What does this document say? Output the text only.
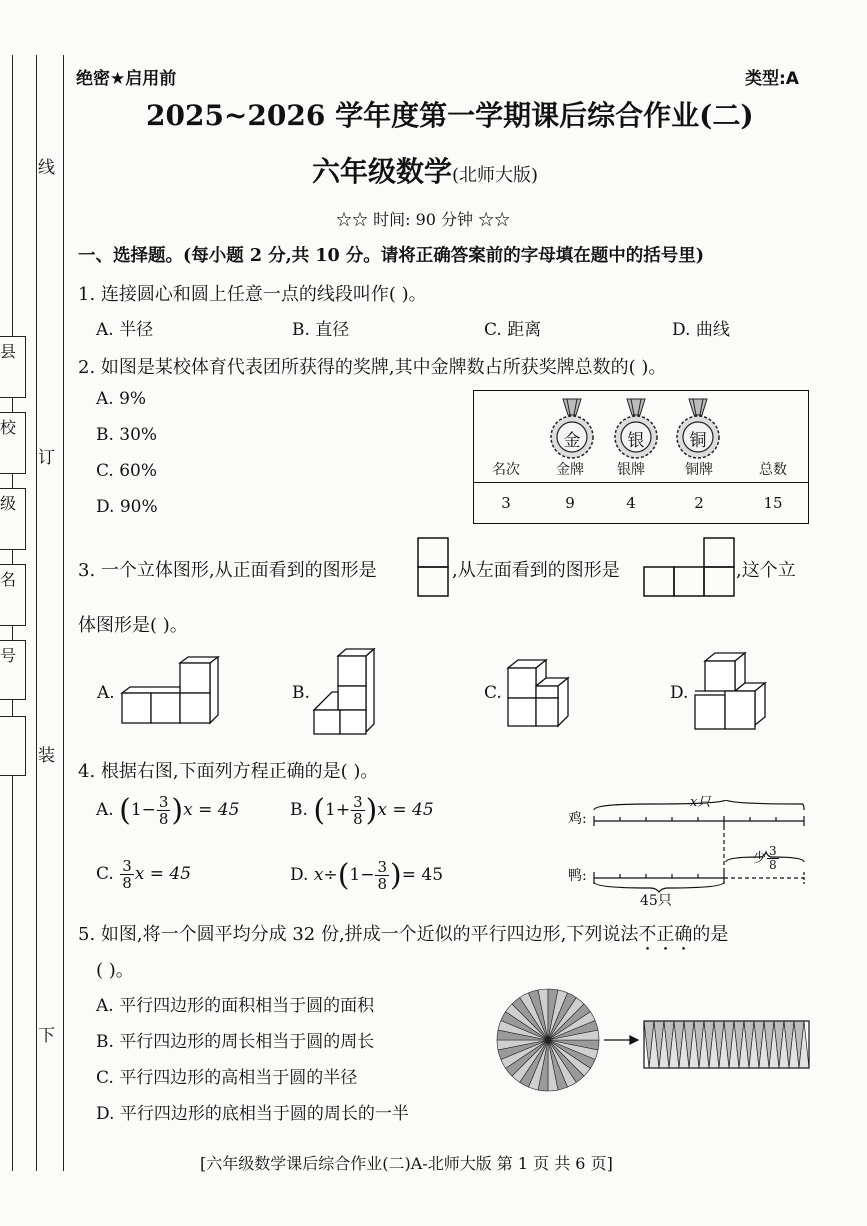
线
订
装
下
县
校
级
名
号
绝密★启用前	类型:A
2025~2026 学年度第一学期课后综合作业(二)
六年级数学(北师大版)
☆☆ 时间: 90 分钟 ☆☆
一、选择题。(每小题 2 分,共 10 分。请将正确答案前的字母填在题中的括号里)
1. 连接圆心和圆上任意一点的线段叫作( )。
A. 半径	B. 直径	C. 距离	D. 曲线
2. 如图是某校体育代表团所获得的奖牌,其中金牌数占所获奖牌总数的( )。
A. 9%
B. 30%
C. 60%
D. 90%
金	银	铜
名次	金牌	银牌	铜牌	总数
3	9	4	2	15
3. 一个立体图形,从正面看到的图形是	,从左面看到的图形是	,这个立
体图形是( )。
A.	B.	C.	D.
4. 根据右图,下面列方程正确的是( )。
A. $(1- \frac{3}{8} )x = 45$	B. $(1+ \frac{3}{8} )x = 45$
C. $\frac{3}{8}$ x = 45	D. $x\div(1- \frac{3}{8}$ )= 45
鸡:
鸭:
x只
少 $\frac{3}{8}$
45只
5. 如图,将一个圆平均分成 32 份,拼成一个近似的平行四边形,下列说法不正确的是
( )。
A. 平行四边形的面积相当于圆的面积
B. 平行四边形的周长相当于圆的周长
C. 平行四边形的高相当于圆的半径
D. 平行四边形的底相当于圆的周长的一半
[六年级数学课后综合作业(二)A-北师大版 第 1 页 共 6 页]
